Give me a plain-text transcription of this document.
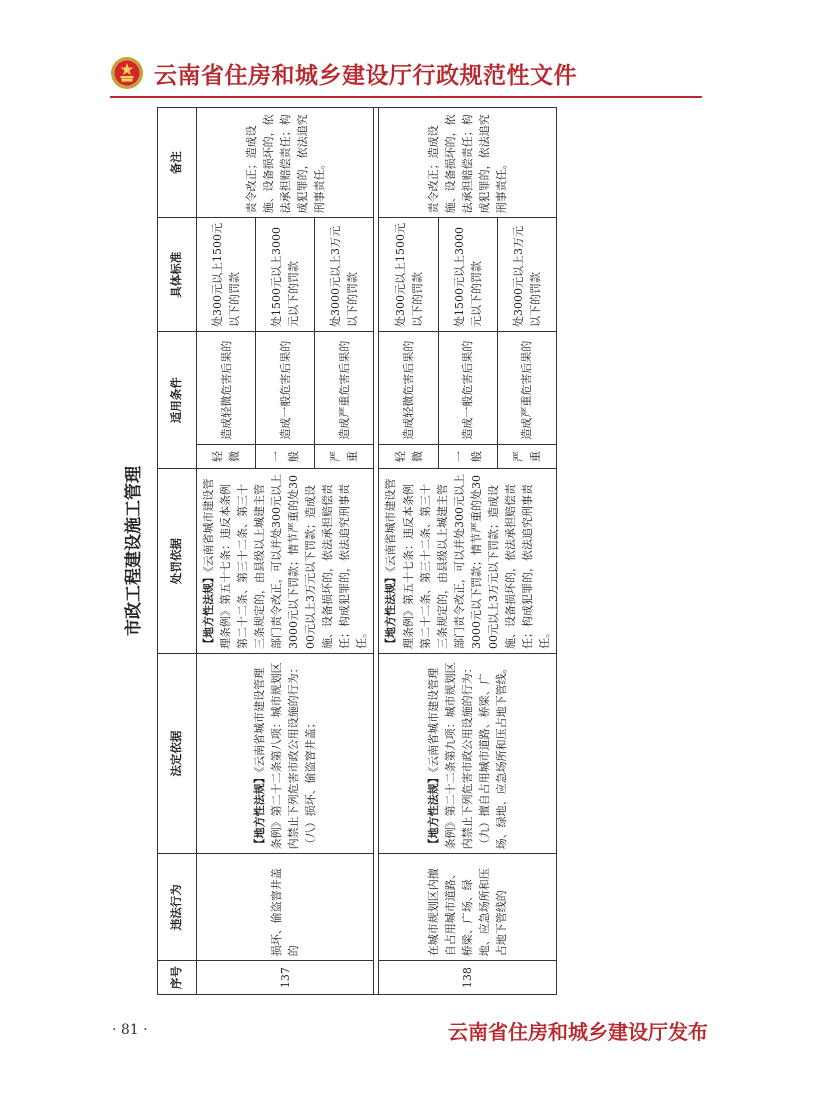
云南省住房和城乡建设厅行政规范性文件
市政工程建设施工管理
序号	违法行为	法定依据	处罚依据	适用条件		具体标准	备注
137	损坏、偷盗窨井盖的	【地方性法规】《云南省城市建设管理条例》第二十二条第八项：城市规划区内禁止下列危害市政公用设施的行为： （八）损坏、偷盗窨井盖；	【地方性法规】《云南省城市建设管理条例》第五十七条：违反本条例第二十二条、第三十二条、第三十三条规定的，由县级以上城建主管部门责令改正，可以并处300元以上3000元以下罚款；情节严重的处3000元以上3万元以下罚款；造成设施、设备损坏的，依法承担赔偿责任；构成犯罪的，依法追究刑事责任。	轻微	造成轻微危害后果的	处300元以上1500元以下的罚款	责令改正；造成设施、设备损坏的，依法承担赔偿责任；构成犯罪的，依法追究刑事责任。
				一般	造成一般危害后果的	处1500元以上3000元以下的罚款	
				严重	造成严重危害后果的	处3000元以上3万元以下的罚款	

138	在城市规划区内擅自占用城市道路、桥梁、广场、绿地、应急场所和压占地下管线的	【地方性法规】《云南省城市建设管理条例》第二十二条第九项：城市规划区内禁止下列危害市政公用设施的行为： （九）擅自占用城市道路、桥梁、广场、绿地、应急场所和压占地下管线。	【地方性法规】《云南省城市建设管理条例》第五十七条：违反本条例第二十二条、第三十二条、第三十三条规定的，由县级以上城建主管部门责令改正，可以并处300元以上3000元以下罚款；情节严重的处3000元以上3万元以下罚款；造成设施、设备损坏的，依法承担赔偿责任；构成犯罪的，依法追究刑事责任。	轻微	造成轻微危害后果的	处300元以上1500元以下的罚款	责令改正；造成设施、设备损坏的，依法承担赔偿责任；构成犯罪的，依法追究刑事责任。
				一般	造成一般危害后果的	处1500元以上3000元以下的罚款	
				严重	造成严重危害后果的	处3000元以上3万元以下的罚款	
· 81 ·	云南省住房和城乡建设厅发布
